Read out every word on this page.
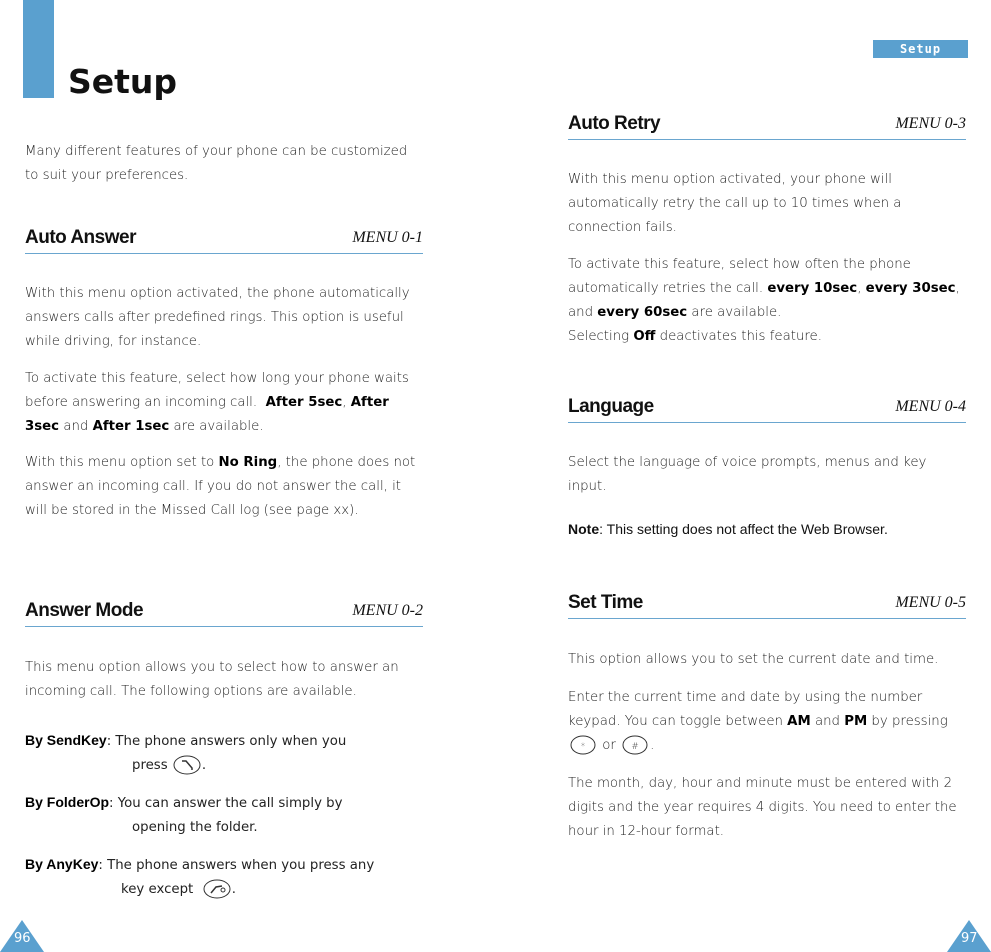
Setup

Many different features of your phone can be customized to suit your preferences.

Auto Answer	MENU 0-1

With this menu option activated, the phone automatically answers calls after predefined rings. This option is useful while driving, for instance.

To activate this feature, select how long your phone waits before answering an incoming call. After 5sec, After 3sec and After 1sec are available.

With this menu option set to No Ring, the phone does not answer an incoming call. If you do not answer the call, it will be stored in the Missed Call log (see page xx).

Answer Mode	MENU 0-2

This menu option allows you to select how to answer an incoming call. The following options are available.

By SendKey: The phone answers only when you
press	.

By FolderOp: You can answer the call simply by
opening the folder.

By AnyKey: The phone answers when you press any
key except	.

96
Setup
Auto Retry	MENU 0-3

With this menu option activated, your phone will automatically retry the call up to 10 times when a connection fails.

To activate this feature, select how often the phone automatically retries the call. every 10sec, every 30sec, and every 60sec are available.
Selecting Off deactivates this feature.

Language	MENU 0-4

Select the language of voice prompts, menus and key input.

Note: This setting does not affect the Web Browser.

Set Time	MENU 0-5

This option allows you to set the current date and time.

Enter the current time and date by using the number keypad. You can toggle between AM and PM by pressing
* or # .

The month, day, hour and minute must be entered with 2 digits and the year requires 4 digits. You need to enter the hour in 12-hour format.

97
